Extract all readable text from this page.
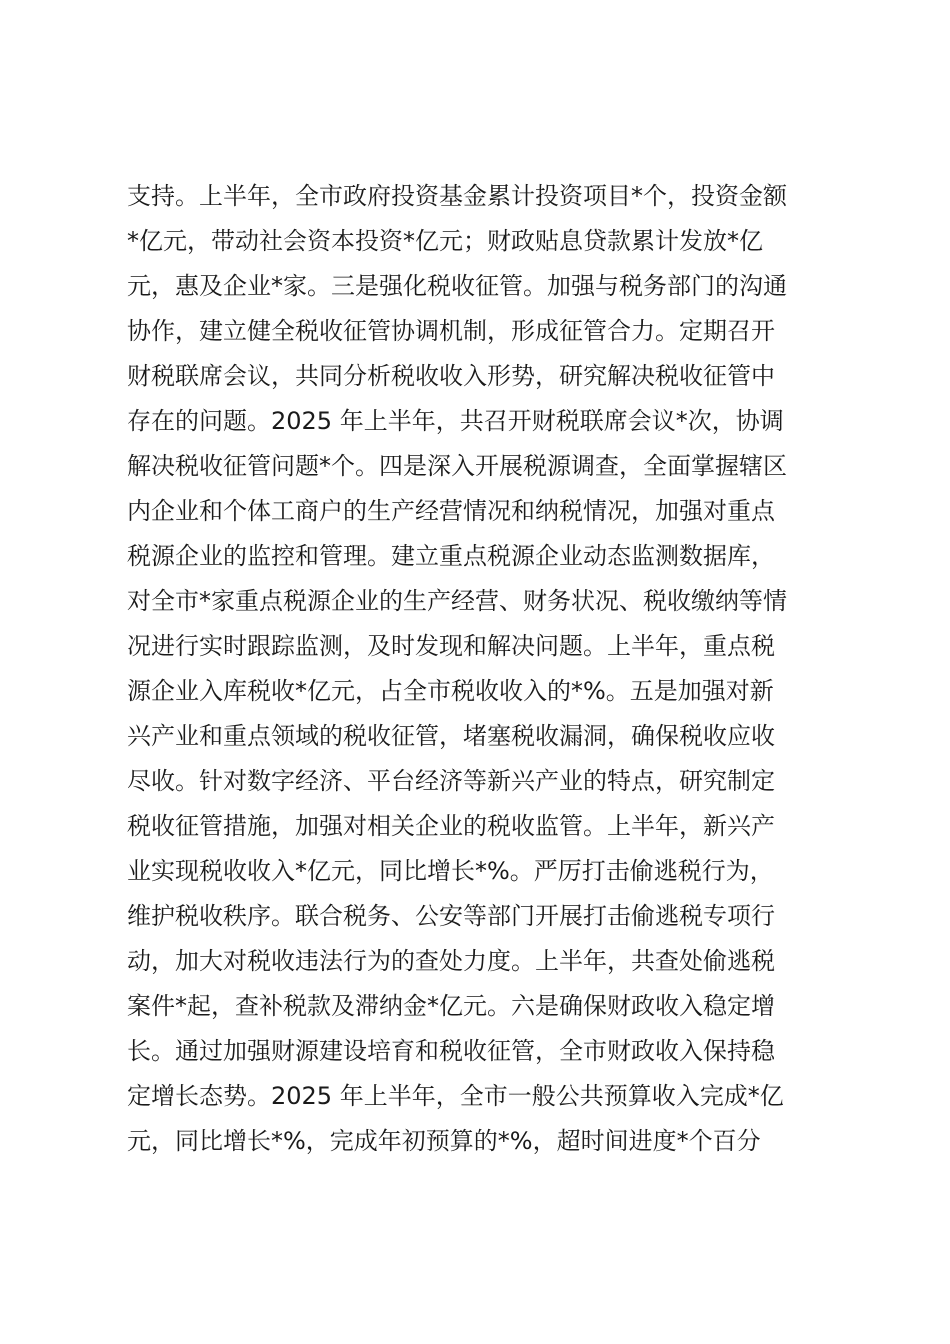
支持。上半年，全市政府投资基金累计投资项目*个，投资金额

*亿元，带动社会资本投资*亿元；财政贴息贷款累计发放*亿

元，惠及企业*家。三是强化税收征管。加强与税务部门的沟通

协作，建立健全税收征管协调机制，形成征管合力。定期召开

财税联席会议，共同分析税收收入形势，研究解决税收征管中

存在的问题。2025 年上半年，共召开财税联席会议*次，协调

解决税收征管问题*个。四是深入开展税源调查，全面掌握辖区

内企业和个体工商户的生产经营情况和纳税情况，加强对重点

税源企业的监控和管理。建立重点税源企业动态监测数据库，

对全市*家重点税源企业的生产经营、财务状况、税收缴纳等情

况进行实时跟踪监测，及时发现和解决问题。上半年，重点税

源企业入库税收*亿元，占全市税收收入的*%。五是加强对新

兴产业和重点领域的税收征管，堵塞税收漏洞，确保税收应收

尽收。针对数字经济、平台经济等新兴产业的特点，研究制定

税收征管措施，加强对相关企业的税收监管。上半年，新兴产

业实现税收收入*亿元，同比增长*%。严厉打击偷逃税行为，

维护税收秩序。联合税务、公安等部门开展打击偷逃税专项行

动，加大对税收违法行为的查处力度。上半年，共查处偷逃税

案件*起，查补税款及滞纳金*亿元。六是确保财政收入稳定增

长。通过加强财源建设培育和税收征管，全市财政收入保持稳

定增长态势。2025 年上半年，全市一般公共预算收入完成*亿

元，同比增长*%，完成年初预算的*%，超时间进度*个百分
